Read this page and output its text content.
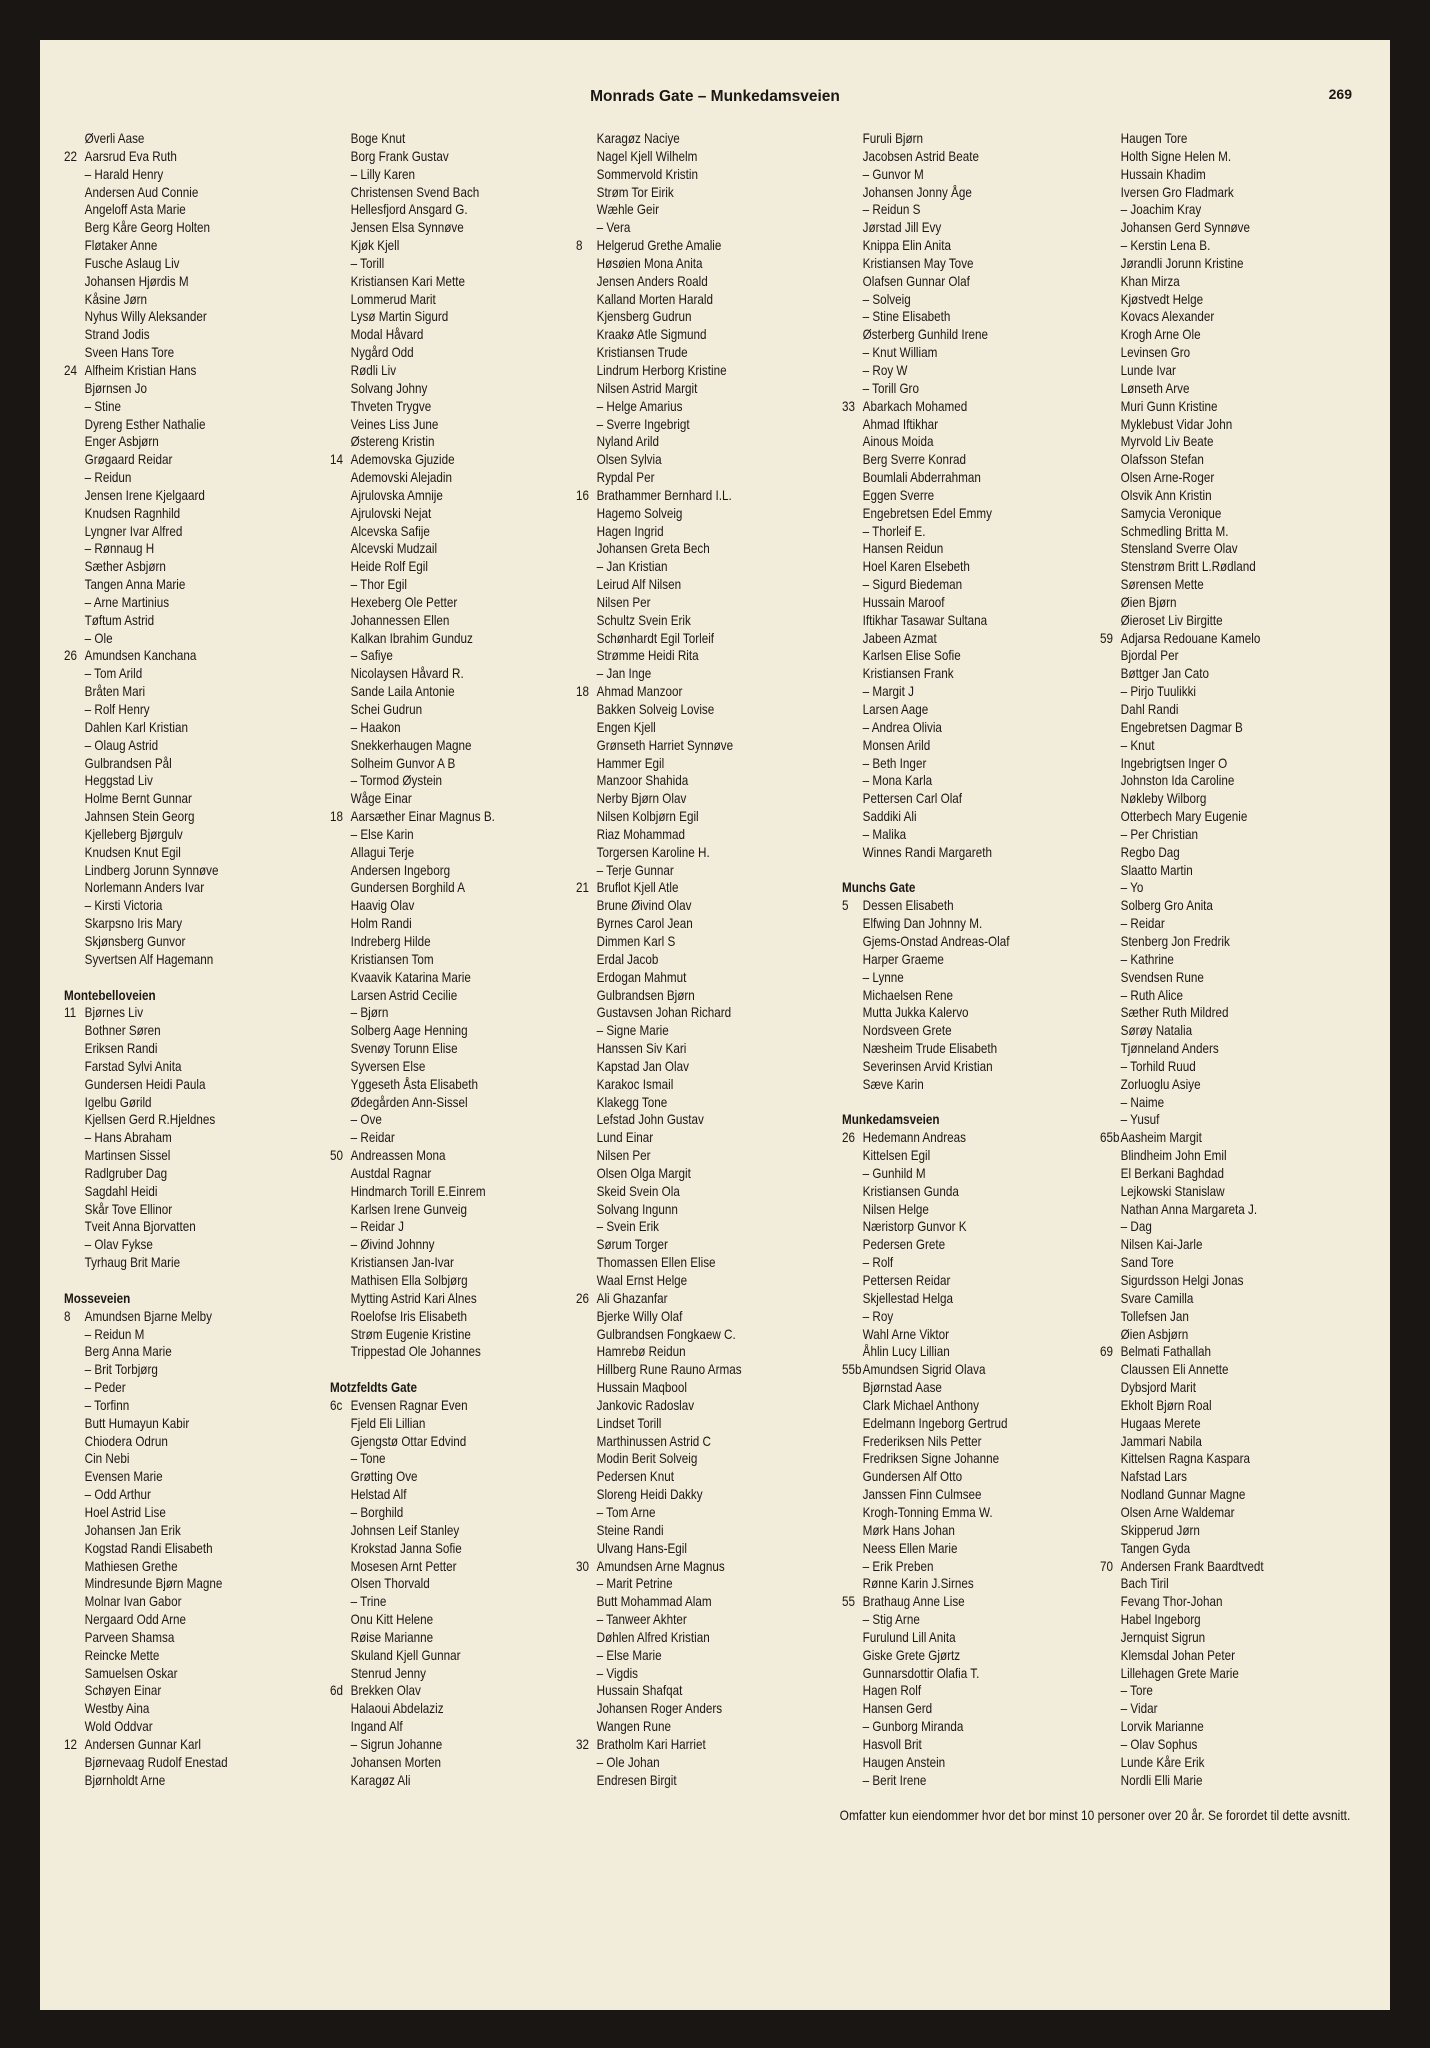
Monrads Gate – Munkedamsveien	269
Øverli Aase
22 Aarsrud Eva Ruth
– Harald Henry
Andersen Aud Connie
Angeloff Asta Marie
Berg Kåre Georg Holten
Fløtaker Anne
Fusche Aslaug Liv
Johansen Hjørdis M
Kåsine Jørn
Nyhus Willy Aleksander
Strand Jodis
Sveen Hans Tore
24 Alfheim Kristian Hans
Bjørnsen Jo
– Stine
Dyreng Esther Nathalie
Enger Asbjørn
Grøgaard Reidar
– Reidun
Jensen Irene Kjelgaard
Knudsen Ragnhild
Lyngner Ivar Alfred
– Rønnaug H
Sæther Asbjørn
Tangen Anna Marie
– Arne Martinius
Tøftum Astrid
– Ole
26 Amundsen Kanchana
– Tom Arild
Bråten Mari
– Rolf Henry
Dahlen Karl Kristian
– Olaug Astrid
Gulbrandsen Pål
Heggstad Liv
Holme Bernt Gunnar
Jahnsen Stein Georg
Kjelleberg Bjørgulv
Knudsen Knut Egil
Lindberg Jorunn Synnøve
Norlemann Anders Ivar
– Kirsti Victoria
Skarpsno Iris Mary
Skjønsberg Gunvor
Syvertsen Alf Hagemann
Montebelloveien
11 Bjørnes Liv
Bothner Søren
Eriksen Randi
Farstad Sylvi Anita
Gundersen Heidi Paula
Igelbu Gørild
Kjellsen Gerd R.Hjeldnes
– Hans Abraham
Martinsen Sissel
Radlgruber Dag
Sagdahl Heidi
Skår Tove Ellinor
Tveit Anna Bjorvatten
– Olav Fykse
Tyrhaug Brit Marie
Mosseveien
8 Amundsen Bjarne Melby
– Reidun M
Berg Anna Marie
– Brit Torbjørg
– Peder
– Torfinn
Butt Humayun Kabir
Chiodera Odrun
Cin Nebi
Evensen Marie
– Odd Arthur
Hoel Astrid Lise
Johansen Jan Erik
Kogstad Randi Elisabeth
Mathiesen Grethe
Mindresunde Bjørn Magne
Molnar Ivan Gabor
Nergaard Odd Arne
Parveen Shamsa
Reincke Mette
Samuelsen Oskar
Schøyen Einar
Westby Aina
Wold Oddvar
12 Andersen Gunnar Karl
Bjørnevaag Rudolf Enestad
Bjørnholdt Arne
Boge Knut
Borg Frank Gustav
– Lilly Karen
Christensen Svend Bach
Hellesfjord Ansgard G.
Jensen Elsa Synnøve
Kjøk Kjell
– Torill
Kristiansen Kari Mette
Lommerud Marit
Lysø Martin Sigurd
Modal Håvard
Nygård Odd
Rødli Liv
Solvang Johny
Thveten Trygve
Veines Liss June
Østereng Kristin
14 Ademovska Gjuzide
Ademovski Alejadin
Ajrulovska Amnije
Ajrulovski Nejat
Alcevska Safije
Alcevski Mudzail
Heide Rolf Egil
– Thor Egil
Hexeberg Ole Petter
Johannessen Ellen
Kalkan Ibrahim Gunduz
– Safiye
Nicolaysen Håvard R.
Sande Laila Antonie
Schei Gudrun
– Haakon
Snekkerhaugen Magne
Solheim Gunvor A B
– Tormod Øystein
Wåge Einar
18 Aarsæther Einar Magnus B.
– Else Karin
Allagui Terje
Andersen Ingeborg
Gundersen Borghild A
Haavig Olav
Holm Randi
Indreberg Hilde
Kristiansen Tom
Kvaavik Katarina Marie
Larsen Astrid Cecilie
– Bjørn
Solberg Aage Henning
Svenøy Torunn Elise
Syversen Else
Yggeseth Åsta Elisabeth
Ødegården Ann-Sissel
– Ove
– Reidar
50 Andreassen Mona
Austdal Ragnar
Hindmarch Torill E.Einrem
Karlsen Irene Gunveig
– Reidar J
– Øivind Johnny
Kristiansen Jan-Ivar
Mathisen Ella Solbjørg
Mytting Astrid Kari Alnes
Roelofse Iris Elisabeth
Strøm Eugenie Kristine
Trippestad Ole Johannes
Motzfeldts Gate
6c Evensen Ragnar Even
Fjeld Eli Lillian
Gjengstø Ottar Edvind
– Tone
Grøtting Ove
Helstad Alf
– Borghild
Johnsen Leif Stanley
Krokstad Janna Sofie
Mosesen Arnt Petter
Olsen Thorvald
– Trine
Onu Kitt Helene
Røise Marianne
Skuland Kjell Gunnar
Stenrud Jenny
6d Brekken Olav
Halaoui Abdelaziz
Ingand Alf
– Sigrun Johanne
Johansen Morten
Karagøz Ali
Karagøz Naciye
Nagel Kjell Wilhelm
Sommervold Kristin
Strøm Tor Eirik
Wæhle Geir
– Vera
8 Helgerud Grethe Amalie
Høsøien Mona Anita
Jensen Anders Roald
Kalland Morten Harald
Kjensberg Gudrun
Kraakø Atle Sigmund
Kristiansen Trude
Lindrum Herborg Kristine
Nilsen Astrid Margit
– Helge Amarius
– Sverre Ingebrigt
Nyland Arild
Olsen Sylvia
Rypdal Per
16 Brathammer Bernhard I.L.
Hagemo Solveig
Hagen Ingrid
Johansen Greta Bech
– Jan Kristian
Leirud Alf Nilsen
Nilsen Per
Schultz Svein Erik
Schønhardt Egil Torleif
Strømme Heidi Rita
– Jan Inge
18 Ahmad Manzoor
Bakken Solveig Lovise
Engen Kjell
Grønseth Harriet Synnøve
Hammer Egil
Manzoor Shahida
Nerby Bjørn Olav
Nilsen Kolbjørn Egil
Riaz Mohammad
Torgersen Karoline H.
– Terje Gunnar
21 Bruflot Kjell Atle
Brune Øivind Olav
Byrnes Carol Jean
Dimmen Karl S
Erdal Jacob
Erdogan Mahmut
Gulbrandsen Bjørn
Gustavsen Johan Richard
– Signe Marie
Hanssen Siv Kari
Kapstad Jan Olav
Karakoc Ismail
Klakegg Tone
Lefstad John Gustav
Lund Einar
Nilsen Per
Olsen Olga Margit
Skeid Svein Ola
Solvang Ingunn
– Svein Erik
Sørum Torger
Thomassen Ellen Elise
Waal Ernst Helge
26 Ali Ghazanfar
Bjerke Willy Olaf
Gulbrandsen Fongkaew C.
Hamrebø Reidun
Hillberg Rune Rauno Armas
Hussain Maqbool
Jankovic Radoslav
Lindset Torill
Marthinussen Astrid C
Modin Berit Solveig
Pedersen Knut
Sloreng Heidi Dakky
– Tom Arne
Steine Randi
Ulvang Hans-Egil
30 Amundsen Arne Magnus
– Marit Petrine
Butt Mohammad Alam
– Tanweer Akhter
Døhlen Alfred Kristian
– Else Marie
– Vigdis
Hussain Shafqat
Johansen Roger Anders
Wangen Rune
32 Bratholm Kari Harriet
– Ole Johan
Endresen Birgit
Furuli Bjørn
Jacobsen Astrid Beate
– Gunvor M
Johansen Jonny Åge
– Reidun S
Jørstad Jill Evy
Knippa Elin Anita
Kristiansen May Tove
Olafsen Gunnar Olaf
– Solveig
– Stine Elisabeth
Østerberg Gunhild Irene
– Knut William
– Roy W
– Torill Gro
33 Abarkach Mohamed
Ahmad Iftikhar
Ainous Moida
Berg Sverre Konrad
Boumlali Abderrahman
Eggen Sverre
Engebretsen Edel Emmy
– Thorleif E.
Hansen Reidun
Hoel Karen Elsebeth
– Sigurd Biedeman
Hussain Maroof
Iftikhar Tasawar Sultana
Jabeen Azmat
Karlsen Elise Sofie
Kristiansen Frank
– Margit J
Larsen Aage
– Andrea Olivia
Monsen Arild
– Beth Inger
– Mona Karla
Pettersen Carl Olaf
Saddiki Ali
– Malika
Winnes Randi Margareth
Munchs Gate
5 Dessen Elisabeth
Elfwing Dan Johnny M.
Gjems-Onstad Andreas-Olaf
Harper Graeme
– Lynne
Michaelsen Rene
Mutta Jukka Kalervo
Nordsveen Grete
Næsheim Trude Elisabeth
Severinsen Arvid Kristian
Sæve Karin
Munkedamsveien
26 Hedemann Andreas
Kittelsen Egil
– Gunhild M
Kristiansen Gunda
Nilsen Helge
Næristorp Gunvor K
Pedersen Grete
– Rolf
Pettersen Reidar
Skjellestad Helga
– Roy
Wahl Arne Viktor
Åhlin Lucy Lillian
55b Amundsen Sigrid Olava
Bjørnstad Aase
Clark Michael Anthony
Edelmann Ingeborg Gertrud
Frederiksen Nils Petter
Fredriksen Signe Johanne
Gundersen Alf Otto
Janssen Finn Culmsee
Krogh-Tonning Emma W.
Mørk Hans Johan
Neess Ellen Marie
– Erik Preben
Rønne Karin J.Sirnes
55 Brathaug Anne Lise
– Stig Arne
Furulund Lill Anita
Giske Grete Gjørtz
Gunnarsdottir Olafia T.
Hagen Rolf
Hansen Gerd
– Gunborg Miranda
Hasvoll Brit
Haugen Anstein
– Berit Irene
Haugen Tore
Holth Signe Helen M.
Hussain Khadim
Iversen Gro Fladmark
– Joachim Kray
Johansen Gerd Synnøve
– Kerstin Lena B.
Jørandli Jorunn Kristine
Khan Mirza
Kjøstvedt Helge
Kovacs Alexander
Krogh Arne Ole
Levinsen Gro
Lunde Ivar
Lønseth Arve
Muri Gunn Kristine
Myklebust Vidar John
Myrvold Liv Beate
Olafsson Stefan
Olsen Arne-Roger
Olsvik Ann Kristin
Samycia Veronique
Schmedling Britta M.
Stensland Sverre Olav
Stenstrøm Britt L.Rødland
Sørensen Mette
Øien Bjørn
Øieroset Liv Birgitte
59 Adjarsa Redouane Kamelo
Bjordal Per
Bøttger Jan Cato
– Pirjo Tuulikki
Dahl Randi
Engebretsen Dagmar B
– Knut
Ingebrigtsen Inger O
Johnston Ida Caroline
Nøkleby Wilborg
Otterbech Mary Eugenie
– Per Christian
Regbo Dag
Slaatto Martin
– Yo
Solberg Gro Anita
– Reidar
Stenberg Jon Fredrik
– Kathrine
Svendsen Rune
– Ruth Alice
Sæther Ruth Mildred
Sørøy Natalia
Tjønneland Anders
– Torhild Ruud
Zorluoglu Asiye
– Naime
– Yusuf
65b Aasheim Margit
Blindheim John Emil
El Berkani Baghdad
Lejkowski Stanislaw
Nathan Anna Margareta J.
– Dag
Nilsen Kai-Jarle
Sand Tore
Sigurdsson Helgi Jonas
Svare Camilla
Tollefsen Jan
Øien Asbjørn
69 Belmati Fathallah
Claussen Eli Annette
Dybsjord Marit
Ekholt Bjørn Roal
Hugaas Merete
Jammari Nabila
Kittelsen Ragna Kaspara
Nafstad Lars
Nodland Gunnar Magne
Olsen Arne Waldemar
Skipperud Jørn
Tangen Gyda
70 Andersen Frank Baardtvedt
Bach Tiril
Fevang Thor-Johan
Habel Ingeborg
Jernquist Sigrun
Klemsdal Johan Peter
Lillehagen Grete Marie
– Tore
– Vidar
Lorvik Marianne
– Olav Sophus
Lunde Kåre Erik
Nordli Elli Marie
Omfatter kun eiendommer hvor det bor minst 10 personer over 20 år. Se forordet til dette avsnitt.
